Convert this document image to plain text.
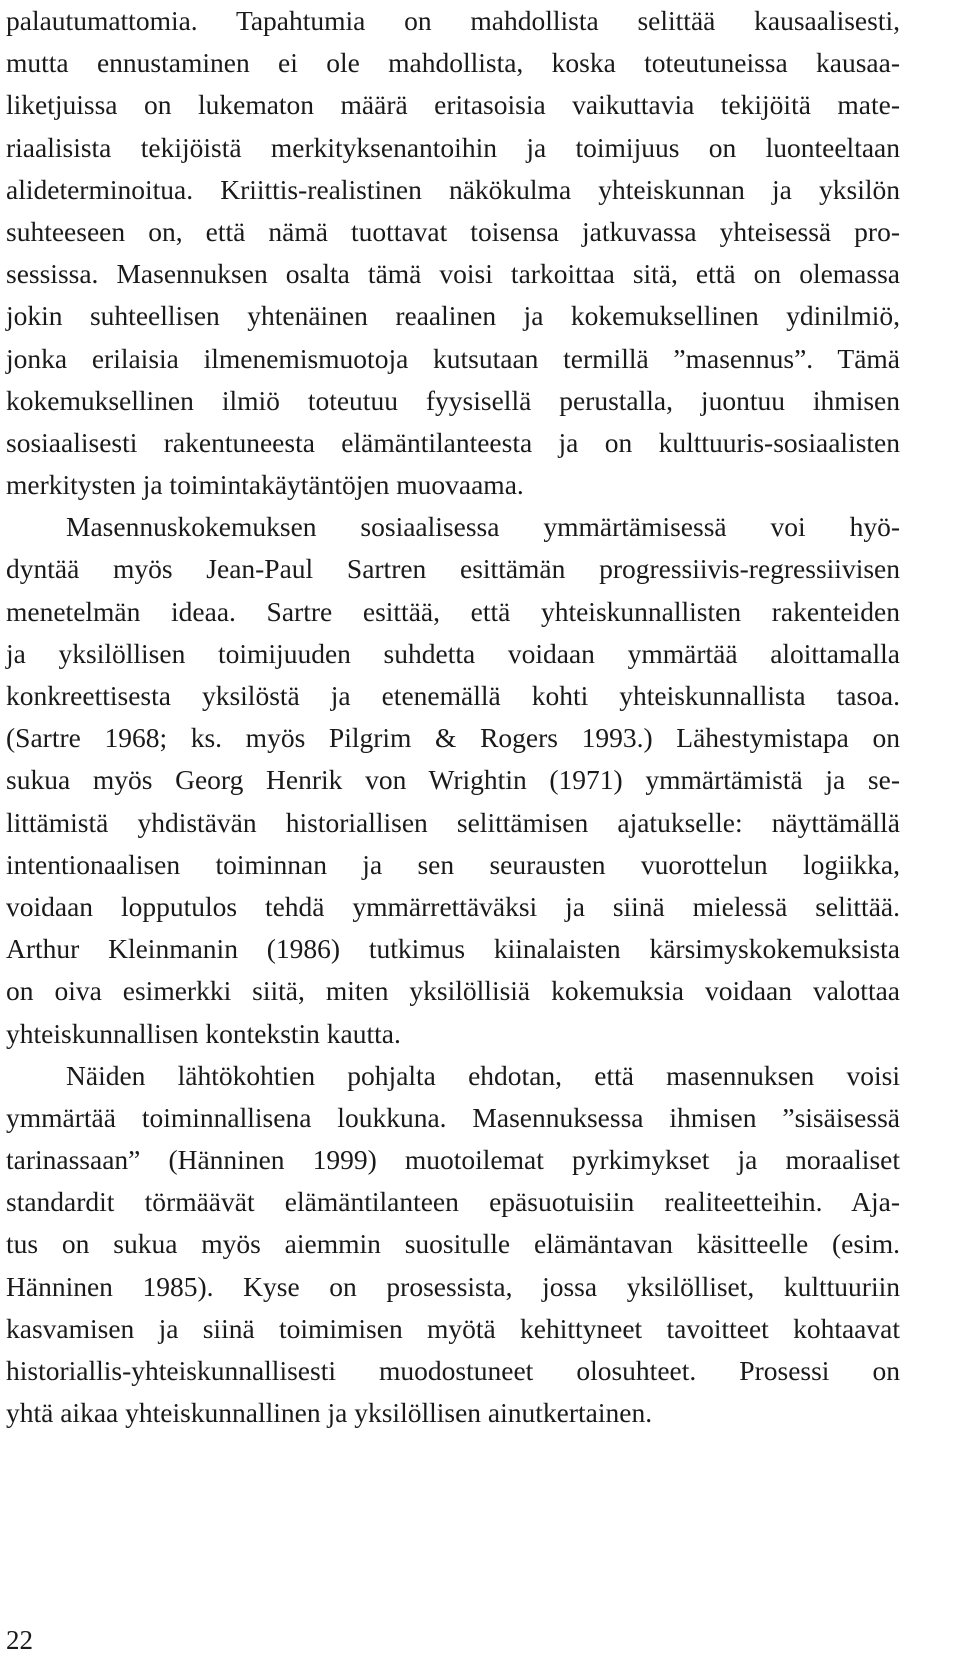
palautumattomia. Tapahtumia on mahdollista selittää kausaalisesti,
mutta ennustaminen ei ole mahdollista, koska toteutuneissa kausaa-
liketjuissa on lukematon määrä eritasoisia vaikuttavia tekijöitä mate-
riaalisista tekijöistä merkityksenantoihin ja toimijuus on luonteeltaan
alideterminoitua. Kriittis-realistinen näkökulma yhteiskunnan ja yksilön
suhteeseen on, että nämä tuottavat toisensa jatkuvassa yhteisessä pro-
sessissa. Masennuksen osalta tämä voisi tarkoittaa sitä, että on olemassa
jokin suhteellisen yhtenäinen reaalinen ja kokemuksellinen ydinilmiö,
jonka erilaisia ilmenemismuotoja kutsutaan termillä ”masennus”. Tämä
kokemuksellinen ilmiö toteutuu fyysisellä perustalla, juontuu ihmisen
sosiaalisesti rakentuneesta elämäntilanteesta ja on kulttuuris-sosiaalisten
merkitysten ja toimintakäytäntöjen muovaama.
Masennuskokemuksen sosiaalisessa ymmärtämisessä voi hyö-
dyntää myös Jean-Paul Sartren esittämän progressiivis-regressiivisen
menetelmän ideaa. Sartre esittää, että yhteiskunnallisten rakenteiden
ja yksilöllisen toimijuuden suhdetta voidaan ymmärtää aloittamalla
konkreettisesta yksilöstä ja etenemällä kohti yhteiskunnallista tasoa.
(Sartre 1968; ks. myös Pilgrim & Rogers 1993.) Lähestymistapa on
sukua myös Georg Henrik von Wrightin (1971) ymmärtämistä ja se-
littämistä yhdistävän historiallisen selittämisen ajatukselle: näyttämällä
intentionaalisen toiminnan ja sen seurausten vuorottelun logiikka,
voidaan lopputulos tehdä ymmärrettäväksi ja siinä mielessä selittää.
Arthur Kleinmanin (1986) tutkimus kiinalaisten kärsimyskokemuksista
on oiva esimerkki siitä, miten yksilöllisiä kokemuksia voidaan valottaa
yhteiskunnallisen kontekstin kautta.
Näiden lähtökohtien pohjalta ehdotan, että masennuksen voisi
ymmärtää toiminnallisena loukkuna. Masennuksessa ihmisen ”sisäisessä
tarinassaan” (Hänninen 1999) muotoilemat pyrkimykset ja moraaliset
standardit törmäävät elämäntilanteen epäsuotuisiin realiteetteihin. Aja-
tus on sukua myös aiemmin suositulle elämäntavan käsitteelle (esim.
Hänninen 1985). Kyse on prosessista, jossa yksilölliset, kulttuuriin
kasvamisen ja siinä toimimisen myötä kehittyneet tavoitteet kohtaavat
historiallis-yhteiskunnallisesti muodostuneet olosuhteet. Prosessi on
yhtä aikaa yhteiskunnallinen ja yksilöllisen ainutkertainen.
22
